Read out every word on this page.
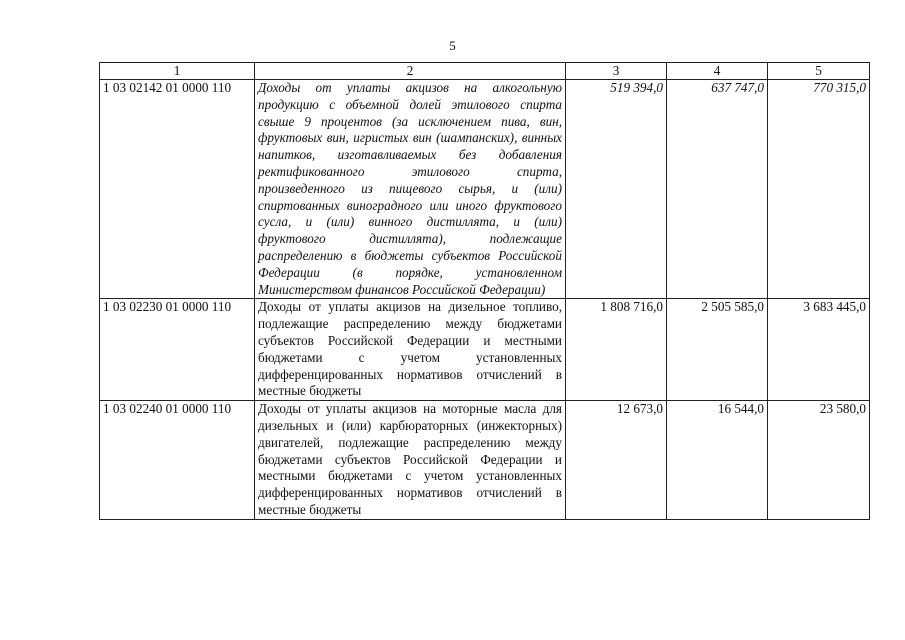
5
1	2	3	4	5
1 03 02142 01 0000 110	Доходы от уплаты акцизов на алкогольную продукцию с объемной долей этилового спирта свыше 9 процентов (за исключением пива, вин, фруктовых вин, игристых вин (шампанских), винных напитков, изготавливаемых без добавления ректификованного этилового спирта, произведенного из пищевого сырья, и (или) спиртованных виноградного или иного фруктового сусла, и (или) винного дистиллята, и (или) фруктового дистиллята), подлежащие распределению в бюджеты субъектов Российской Федерации (в порядке, установленном Министерством финансов Российской Федерации)	519 394,0	637 747,0	770 315,0
1 03 02230 01 0000 110	Доходы от уплаты акцизов на дизельное топливо, подлежащие распределению между бюджетами субъектов Российской Федерации и местными бюджетами с учетом установленных дифференцированных нормативов отчислений в местные бюджеты	1 808 716,0	2 505 585,0	3 683 445,0
1 03 02240 01 0000 110	Доходы от уплаты акцизов на моторные масла для дизельных и (или) карбюраторных (инжекторных) двигателей, подлежащие распределению между бюджетами субъектов Российской Федерации и местными бюджетами с учетом установленных дифференцированных нормативов отчислений в местные бюджеты	12 673,0	16 544,0	23 580,0
